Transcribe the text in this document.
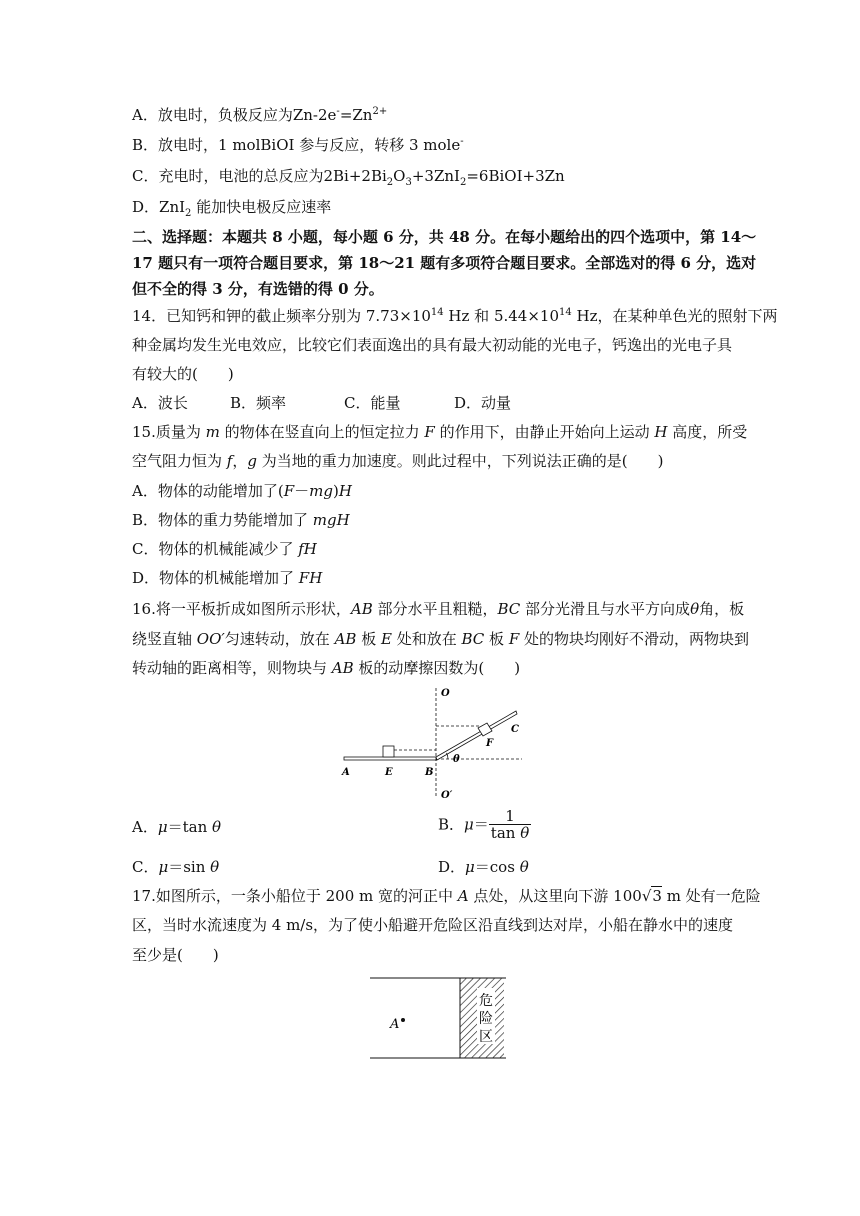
A．放电时，负极反应为$Zn-2e^-=Zn^{2+}$
B．放电时，1 molBiOI 参与反应，转移 3 mole-
C．充电时，电池的总反应为$2Bi+2Bi_2O_3+3ZnI_2=6BiOI+3Zn$
D．ZnI$_2$ 能加快电极反应速率
二、选择题：本题共 8 小题，每小题 6 分，共 48 分。在每小题给出的四个选项中，第 14～
17 题只有一项符合题目要求，第 18～21 题有多项符合题目要求。全部选对的得 6 分，选对
但不全的得 3 分，有选错的得 0 分。
14．已知钙和钾的截止频率分别为 $7.73\times 10^{14}$ Hz 和 $5.44\times 10^{14}$ Hz，在某种单色光的照射下两
种金属均发生光电效应，比较它们表面逸出的具有最大初动能的光电子，钙逸出的光电子具
有较大的(　　)
A．波长	B．频率	C．能量	D．动量
15.质量为 m 的物体在竖直向上的恒定拉力 F 的作用下，由静止开始向上运动 H 高度，所受
空气阻力恒为 f，g 为当地的重力加速度。则此过程中，下列说法正确的是(　　)
A．物体的动能增加了(F－mg)H
B．物体的重力势能增加了 mgH
C．物体的机械能减少了 fH
D．物体的机械能增加了 FH
16.将一平板折成如图所示形状，AB 部分水平且粗糙，BC 部分光滑且与水平方向成θ角，板
绕竖直轴 OO′匀速转动，放在 AB 板 E 处和放在 BC 板 F 处的物块均刚好不滑动，两物块到
转动轴的距离相等，则物块与 AB 板的动摩擦因数为(　　)
O
O′
A	E	B
F
C
θ
A．μ＝tan θ	B．$\mu= \frac{1}{\text{tan θ}}$
C．μ＝sin θ	D．μ＝cos θ
17.如图所示，一条小船位于 200 m 宽的河正中 A 点处，从这里向下游 100√3 m 处有一危险
区，当时水流速度为 4 m/s，为了使小船避开危险区沿直线到达对岸，小船在静水中的速度
至少是(　　)
危
险
区
A
